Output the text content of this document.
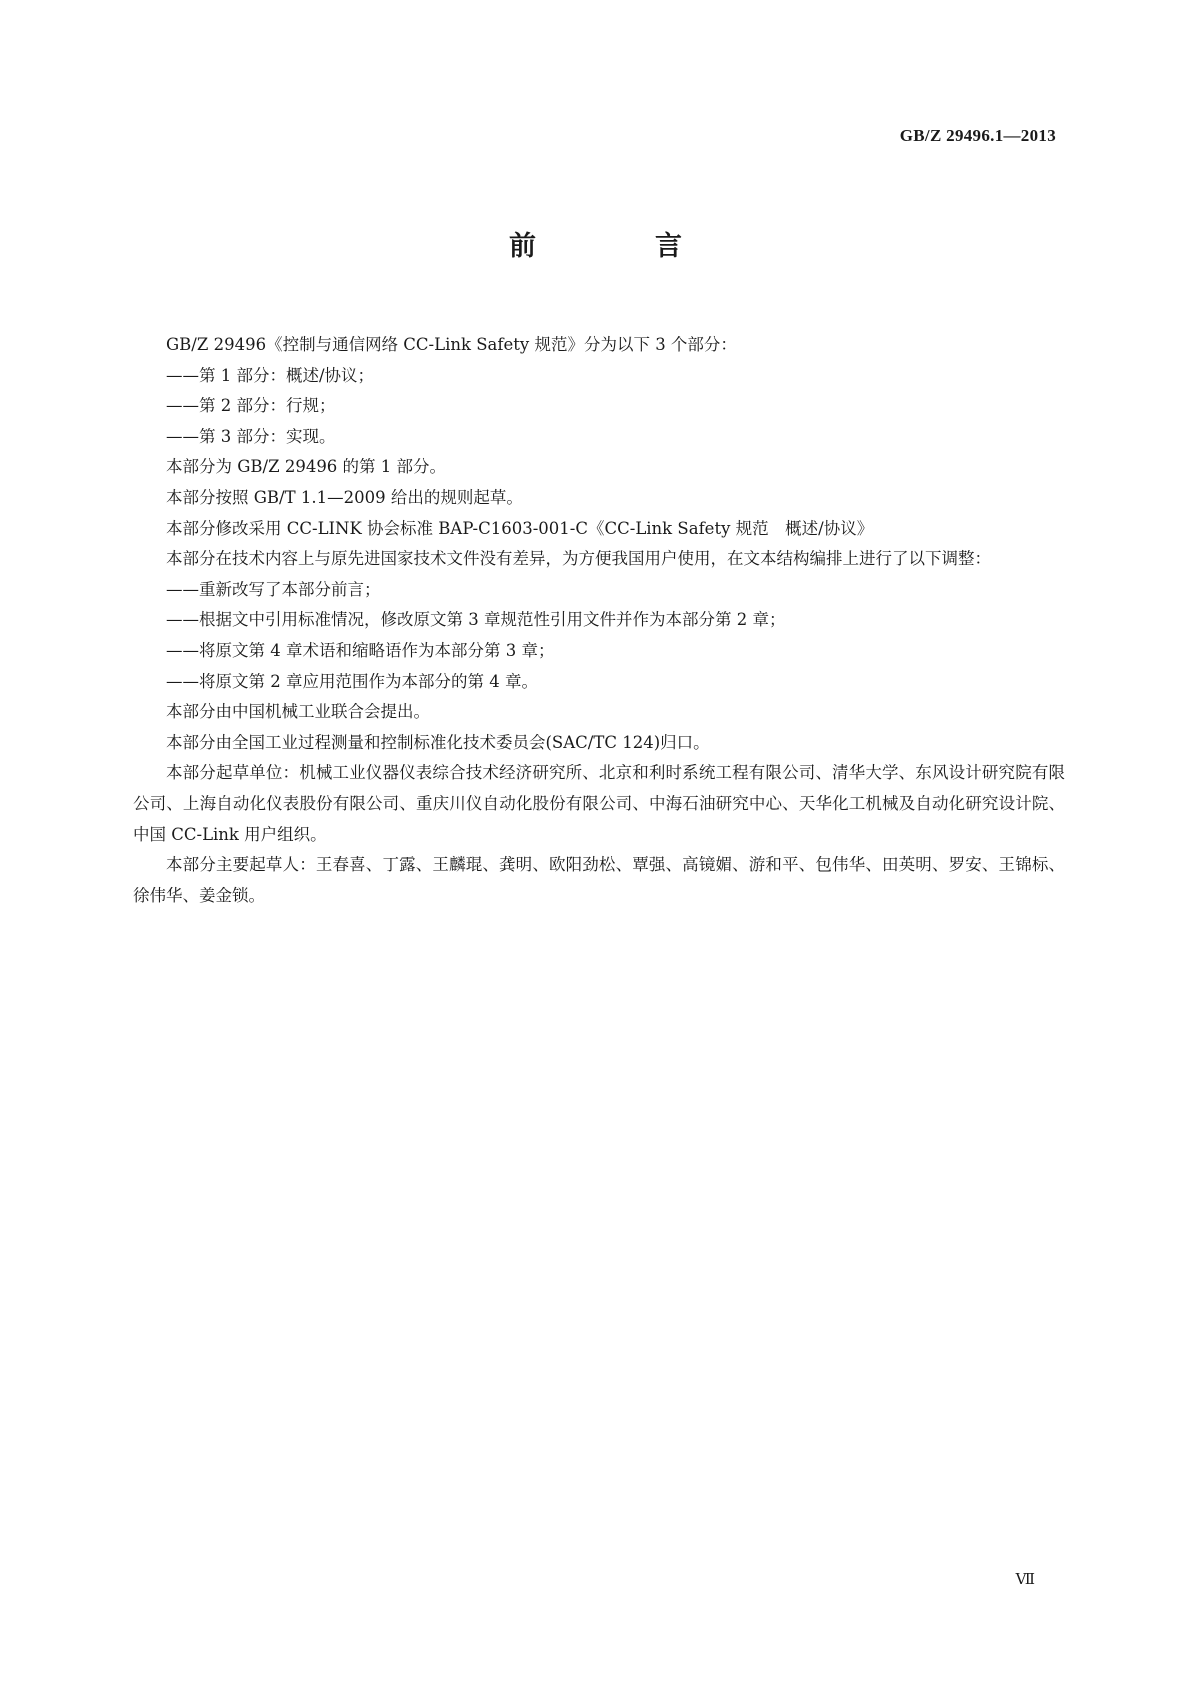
GB/Z 29496.1—2013
前　言

GB/Z 29496《控制与通信网络 CC-Link Safety 规范》分为以下 3 个部分：

——第 1 部分：概述/协议；

——第 2 部分：行规；

——第 3 部分：实现。

本部分为 GB/Z 29496 的第 1 部分。

本部分按照 GB/T 1.1—2009 给出的规则起草。

本部分修改采用 CC-LINK 协会标准 BAP-C1603-001-C《CC-Link Safety 规范　概述/协议》

本部分在技术内容上与原先进国家技术文件没有差异，为方便我国用户使用，在文本结构编排上进行了以下调整：

——重新改写了本部分前言；

——根据文中引用标准情况，修改原文第 3 章规范性引用文件并作为本部分第 2 章；

——将原文第 4 章术语和缩略语作为本部分第 3 章；

——将原文第 2 章应用范围作为本部分的第 4 章。

本部分由中国机械工业联合会提出。

本部分由全国工业过程测量和控制标准化技术委员会(SAC/TC 124)归口。

本部分起草单位：机械工业仪器仪表综合技术经济研究所、北京和利时系统工程有限公司、清华大学、东风设计研究院有限公司、上海自动化仪表股份有限公司、重庆川仪自动化股份有限公司、中海石油研究中心、天华化工机械及自动化研究设计院、中国 CC-Link 用户组织。

本部分主要起草人：王春喜、丁露、王麟琨、龚明、欧阳劲松、覃强、高镜媚、游和平、包伟华、田英明、罗安、王锦标、徐伟华、姜金锁。

Ⅶ
